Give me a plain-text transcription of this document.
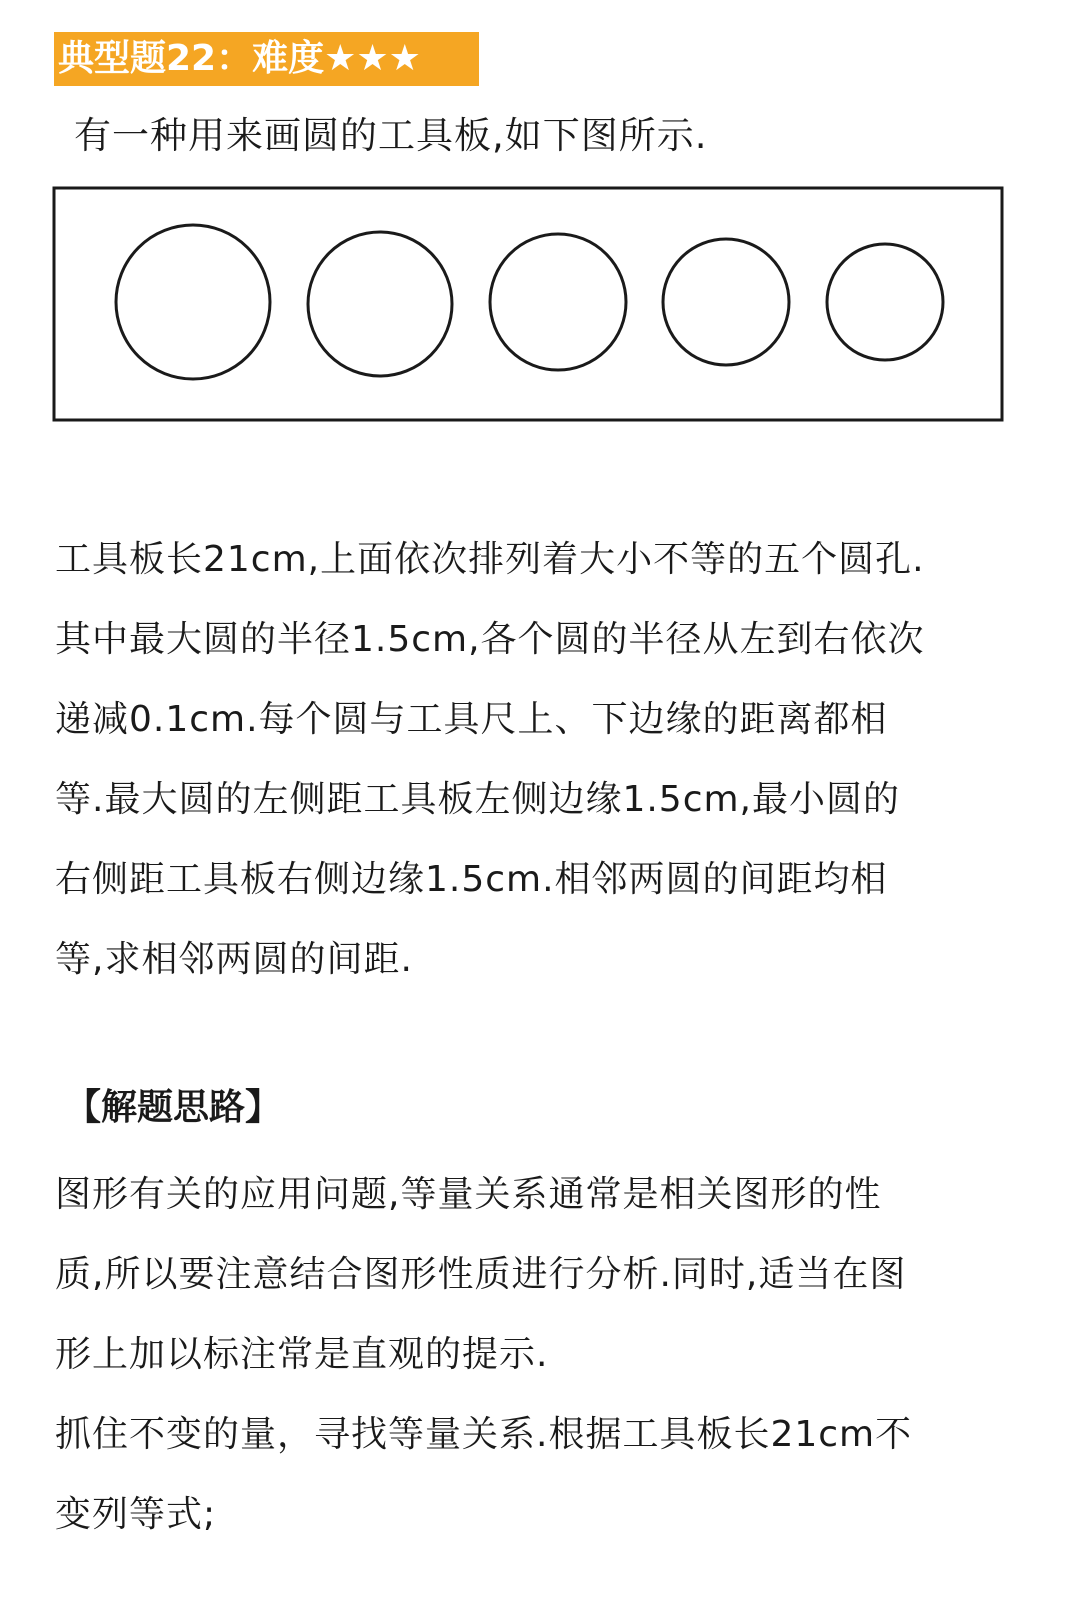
典型题22：难度★★★
有一种用来画圆的工具板,如下图所示.
工具板长21cm,上面依次排列着大小不等的五个圆孔.
其中最大圆的半径1.5cm,各个圆的半径从左到右依次
递减0.1cm.每个圆与工具尺上、下边缘的距离都相
等.最大圆的左侧距工具板左侧边缘1.5cm,最小圆的
右侧距工具板右侧边缘1.5cm.相邻两圆的间距均相
等,求相邻两圆的间距.
【解题思路】
图形有关的应用问题,等量关系通常是相关图形的性
质,所以要注意结合图形性质进行分析.同时,适当在图
形上加以标注常是直观的提示.
抓住不变的量，寻找等量关系.根据工具板长21cm不
变列等式;
